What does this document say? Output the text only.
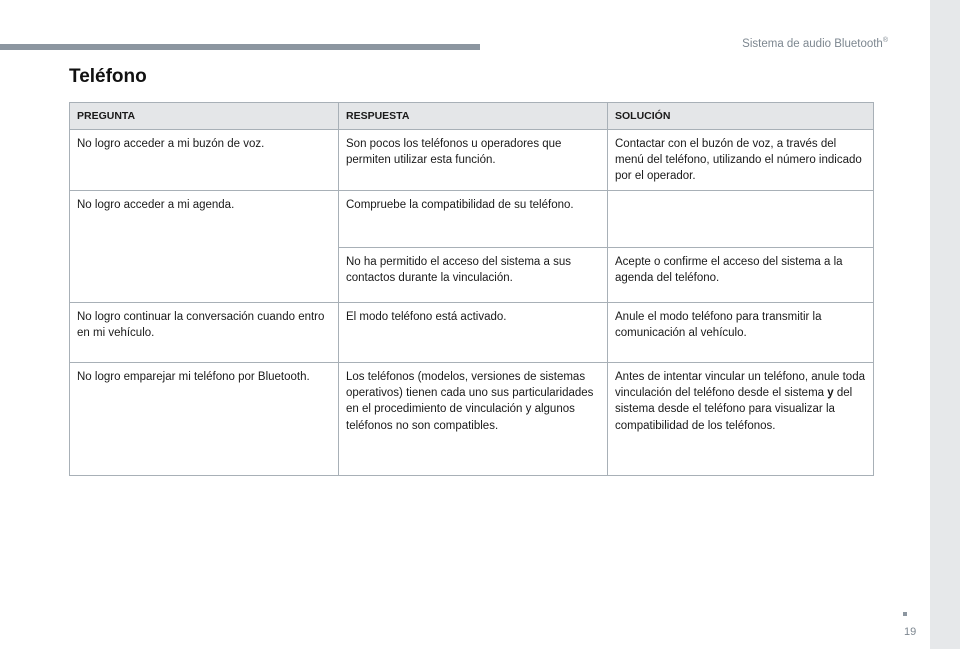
Sistema de audio Bluetooth®
Teléfono
PREGUNTA	RESPUESTA	SOLUCIÓN
No logro acceder a mi buzón de voz.	Son pocos los teléfonos u operadores que permiten utilizar esta función.	Contactar con el buzón de voz, a través del menú del teléfono, utilizando el número indicado por el operador.
No logro acceder a mi agenda.	Compruebe la compatibilidad de su teléfono.	
	No ha permitido el acceso del sistema a sus contactos durante la vinculación.	Acepte o confirme el acceso del sistema a la agenda del teléfono.
No logro continuar la conversación cuando entro en mi vehículo.	El modo teléfono está activado.	Anule el modo teléfono para transmitir la comunicación al vehículo.
No logro emparejar mi teléfono por Bluetooth.	Los teléfonos (modelos, versiones de sistemas operativos) tienen cada uno sus particularidades en el procedimiento de vinculación y algunos teléfonos no son compatibles.	Antes de intentar vincular un teléfono, anule toda vinculación del teléfono desde el sistema y del sistema desde el teléfono para visualizar la compatibilidad de los teléfonos.
19
